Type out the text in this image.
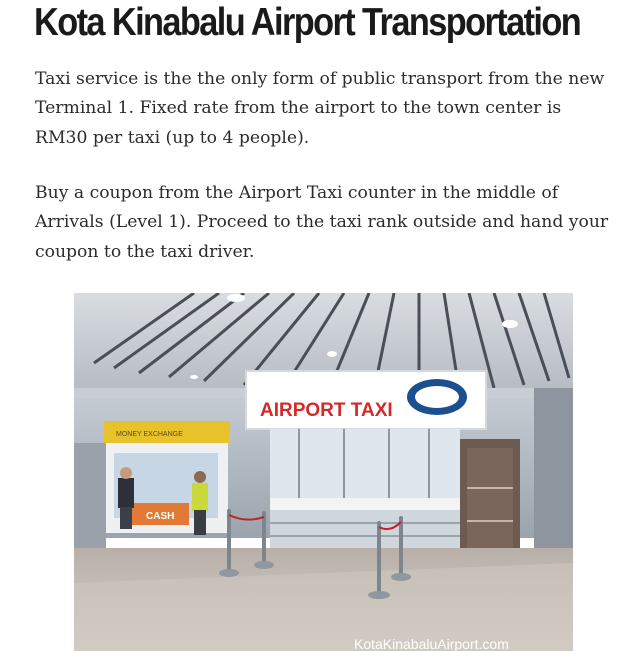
Kota Kinabalu Airport Transportation

Taxi service is the the only form of public transport from the new Terminal 1. Fixed rate from the airport to the town center is RM30 per taxi (up to 4 people).

Buy a coupon from the Airport Taxi counter in the middle of Arrivals (Level 1). Proceed to the taxi rank outside and hand your coupon to the taxi driver.

MONEY EXCHANGE
CASH
AIRPORT TAXI
KotaKinabaluAirport.com
